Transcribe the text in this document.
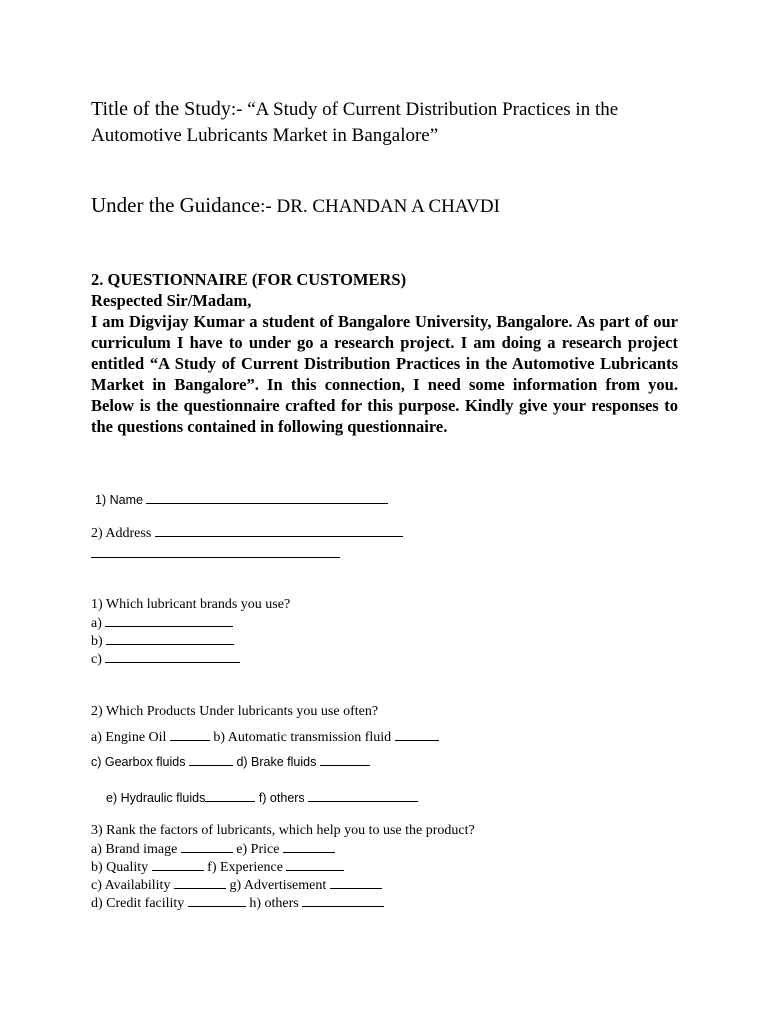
Title of the Study:- “A Study of Current Distribution Practices in the
Automotive Lubricants Market in Bangalore”
Under the Guidance:- DR. CHANDAN A CHAVDI
2. QUESTIONNAIRE (FOR CUSTOMERS)
Respected Sir/Madam,
I am Digvijay Kumar a student of Bangalore University, Bangalore. As part of our curriculum I have to under go a research project. I am doing a research project entitled “A Study of Current Distribution Practices in the Automotive Lubricants Market in Bangalore”. In this connection, I need some information from you. Below is the questionnaire crafted for this purpose. Kindly give your responses to the questions contained in following questionnaire.
1) Name
2) Address
1) Which lubricant brands you use?
a)
b)
c)
2) Which Products Under lubricants you use often?
a) Engine Oil	b) Automatic transmission fluid
c) Gearbox fluids	d) Brake fluids
e) Hydraulic fluids	f) others
3) Rank the factors of lubricants, which help you to use the product?
a) Brand image	e) Price
b) Quality	f) Experience
c) Availability	g) Advertisement
d) Credit facility	h) others
